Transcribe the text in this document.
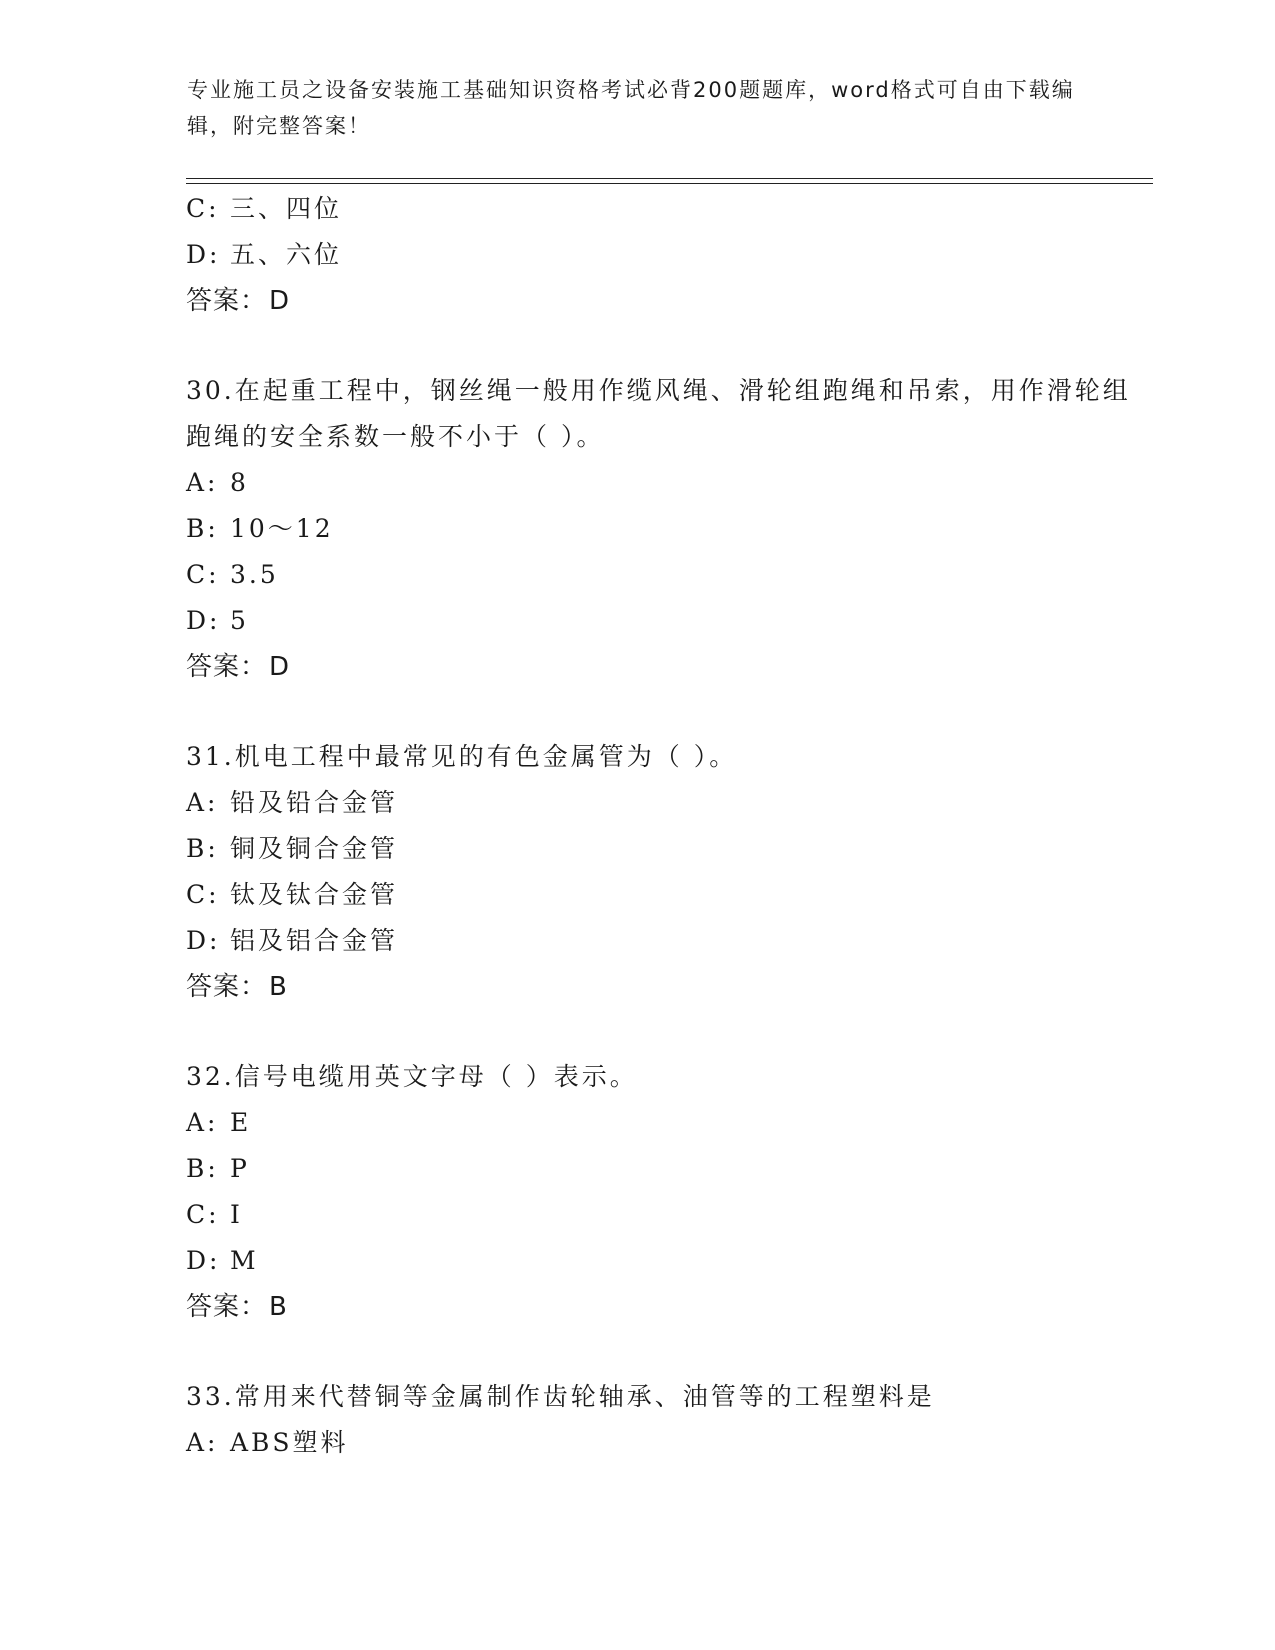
专业施工员之设备安装施工基础知识资格考试必背200题题库，word格式可自由下载编辑，附完整答案！
C: 三、四位
D: 五、六位
答案：D
30.在起重工程中，钢丝绳一般用作缆风绳、滑轮组跑绳和吊索，用作滑轮组跑绳的安全系数一般不小于（ ）。
A: 8
B: 10～12
C: 3.5
D: 5
答案：D
31.机电工程中最常见的有色金属管为（ ）。
A: 铅及铅合金管
B: 铜及铜合金管
C: 钛及钛合金管
D: 铝及铝合金管
答案：B
32.信号电缆用英文字母（ ）表示。
A: E
B: P
C: I
D: M
答案：B
33.常用来代替铜等金属制作齿轮轴承、油管等的工程塑料是
A: ABS塑料
